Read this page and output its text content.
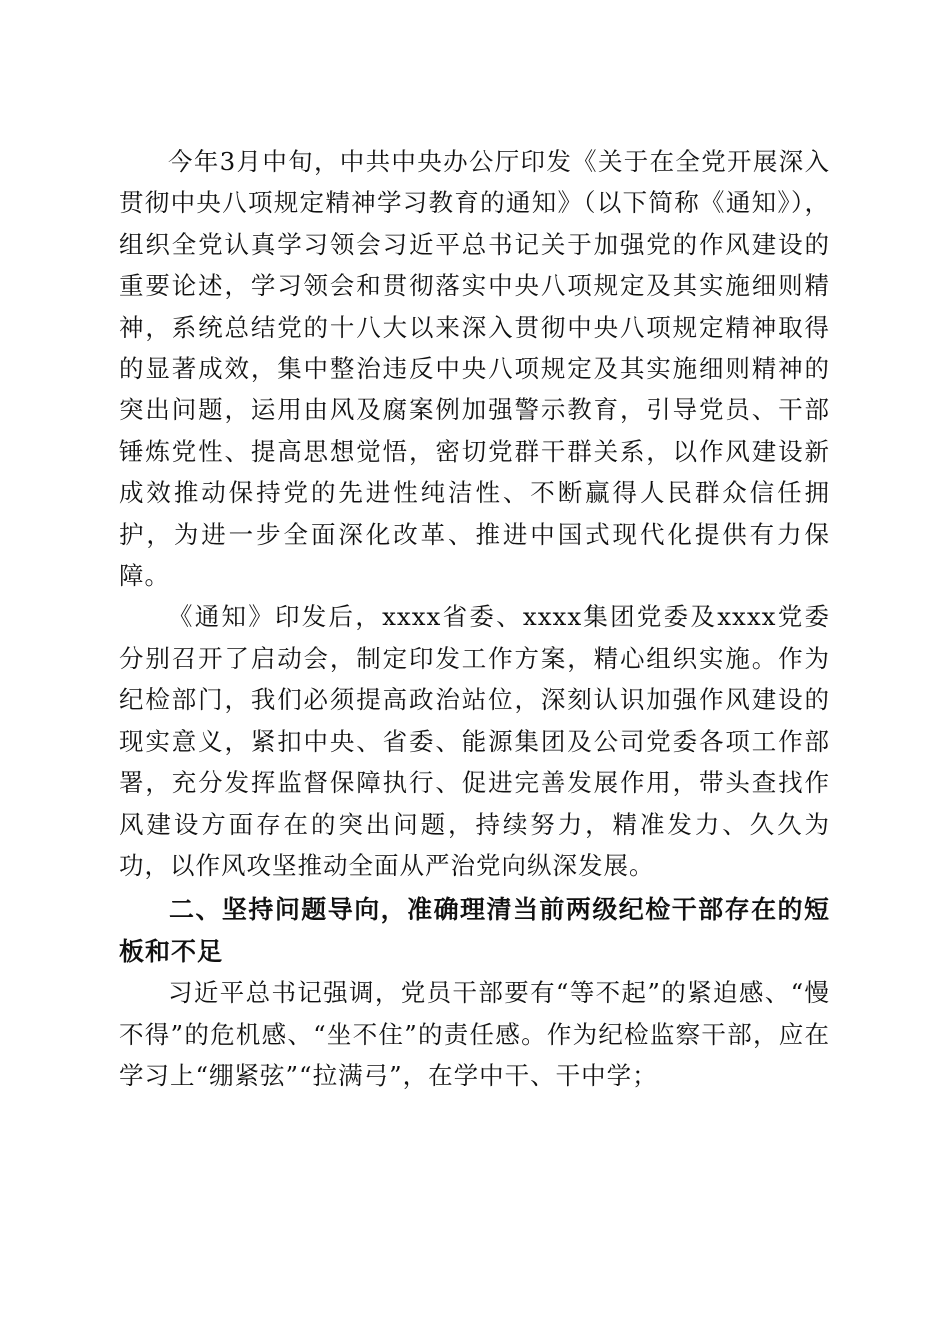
今年3月中旬，中共中央办公厅印发《关于在全党开展深入贯彻中央八项规定精神学习教育的通知》（以下简称《通知》），组织全党认真学习领会习近平总书记关于加强党的作风建设的重要论述，学习领会和贯彻落实中央八项规定及其实施细则精神，系统总结党的十八大以来深入贯彻中央八项规定精神取得的显著成效，集中整治违反中央八项规定及其实施细则精神的突出问题，运用由风及腐案例加强警示教育，引导党员、干部锤炼党性、提高思想觉悟，密切党群干群关系，以作风建设新成效推动保持党的先进性纯洁性、不断赢得人民群众信任拥护，为进一步全面深化改革、推进中国式现代化提供有力保障。

《通知》印发后，xxxx省委、xxxx集团党委及xxxx党委分别召开了启动会，制定印发工作方案，精心组织实施。作为纪检部门，我们必须提高政治站位，深刻认识加强作风建设的现实意义，紧扣中央、省委、能源集团及公司党委各项工作部署，充分发挥监督保障执行、促进完善发展作用，带头查找作风建设方面存在的突出问题，持续努力，精准发力、久久为功，以作风攻坚推动全面从严治党向纵深发展。

二、坚持问题导向，准确理清当前两级纪检干部存在的短板和不足

习近平总书记强调，党员干部要有“等不起”的紧迫感、“慢不得”的危机感、“坐不住”的责任感。作为纪检监察干部，应在学习上“绷紧弦”“拉满弓”，在学中干、干中学；
